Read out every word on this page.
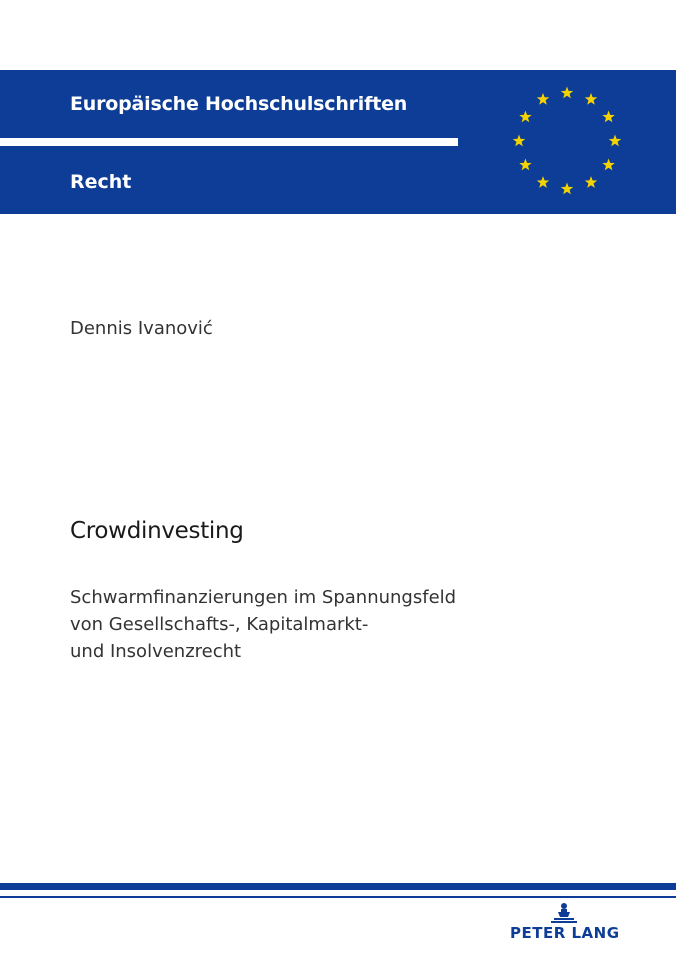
Europäische Hochschulschriften
Recht
Dennis Ivanović
Crowdinvesting
Schwarmfinanzierungen im Spannungsfeld
von Gesellschafts-, Kapitalmarkt-
und Insolvenzrecht
PETER LANG
